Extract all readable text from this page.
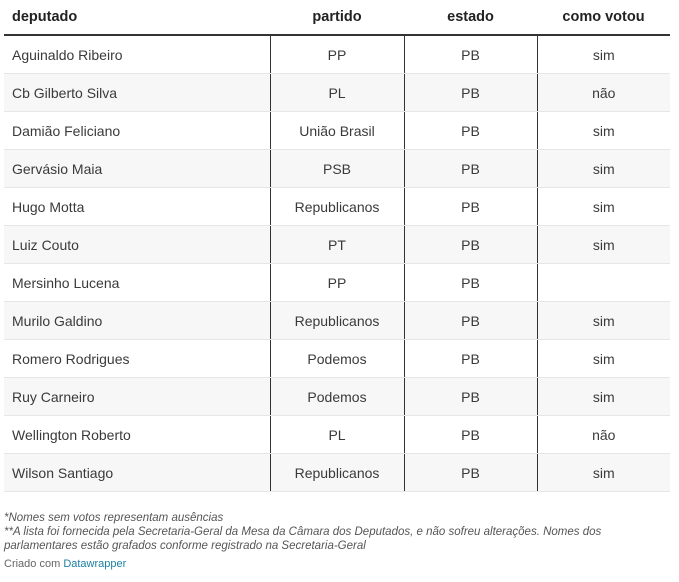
deputado	partido	estado	como votou
Aguinaldo Ribeiro	PP	PB	sim
Cb Gilberto Silva	PL	PB	não
Damião Feliciano	União Brasil	PB	sim
Gervásio Maia	PSB	PB	sim
Hugo Motta	Republicanos	PB	sim
Luiz Couto	PT	PB	sim
Mersinho Lucena	PP	PB	
Murilo Galdino	Republicanos	PB	sim
Romero Rodrigues	Podemos	PB	sim
Ruy Carneiro	Podemos	PB	sim
Wellington Roberto	PL	PB	não
Wilson Santiago	Republicanos	PB	sim
*Nomes sem votos representam ausências
**A lista foi fornecida pela Secretaria-Geral da Mesa da Câmara dos Deputados, e não sofreu alterações. Nomes dos parlamentares estão grafados conforme registrado na Secretaria-Geral
Criado com Datawrapper
